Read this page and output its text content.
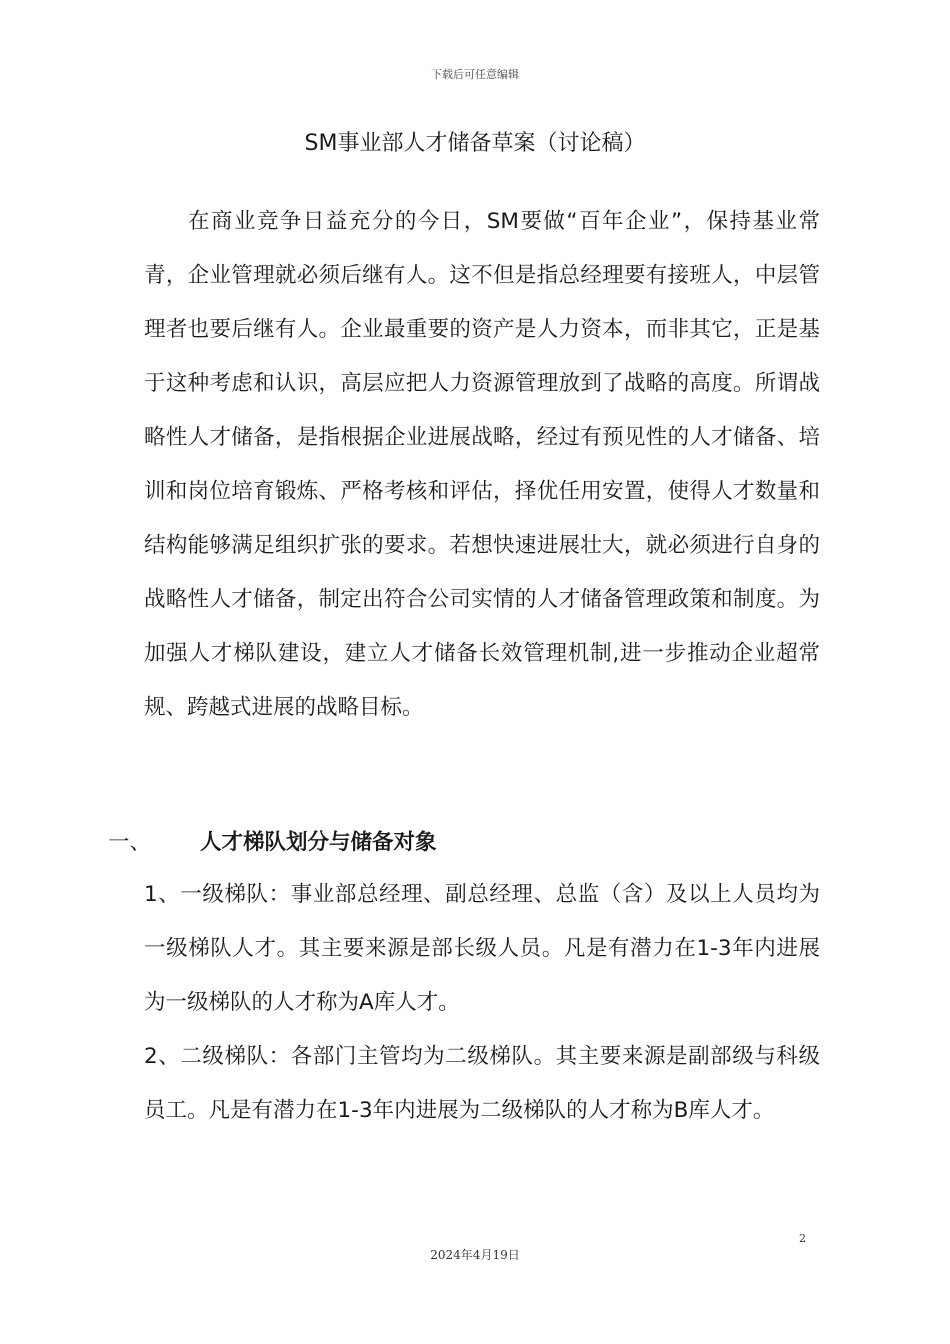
下载后可任意编辑
SM事业部人才储备草案（讨论稿）
在商业竞争日益充分的今日，SM要做“百年企业”，保持基业常青，企业管理就必须后继有人。这不但是指总经理要有接班人，中层管理者也要后继有人。企业最重要的资产是人力资本，而非其它，正是基于这种考虑和认识，高层应把人力资源管理放到了战略的高度。所谓战略性人才储备，是指根据企业进展战略，经过有预见性的人才储备、培训和岗位培育锻炼、严格考核和评估，择优任用安置，使得人才数量和结构能够满足组织扩张的要求。若想快速进展壮大，就必须进行自身的战略性人才储备，制定出符合公司实情的人才储备管理政策和制度。为加强人才梯队建设，建立人才储备长效管理机制,进一步推动企业超常规、跨越式进展的战略目标。
一、 人才梯队划分与储备对象
1、一级梯队：事业部总经理、副总经理、总监（含）及以上人员均为一级梯队人才。其主要来源是部长级人员。凡是有潜力在1-3年内进展为一级梯队的人才称为A库人才。
2、二级梯队：各部门主管均为二级梯队。其主要来源是副部级与科级员工。凡是有潜力在1-3年内进展为二级梯队的人才称为B库人才。
2
2024年4月19日
